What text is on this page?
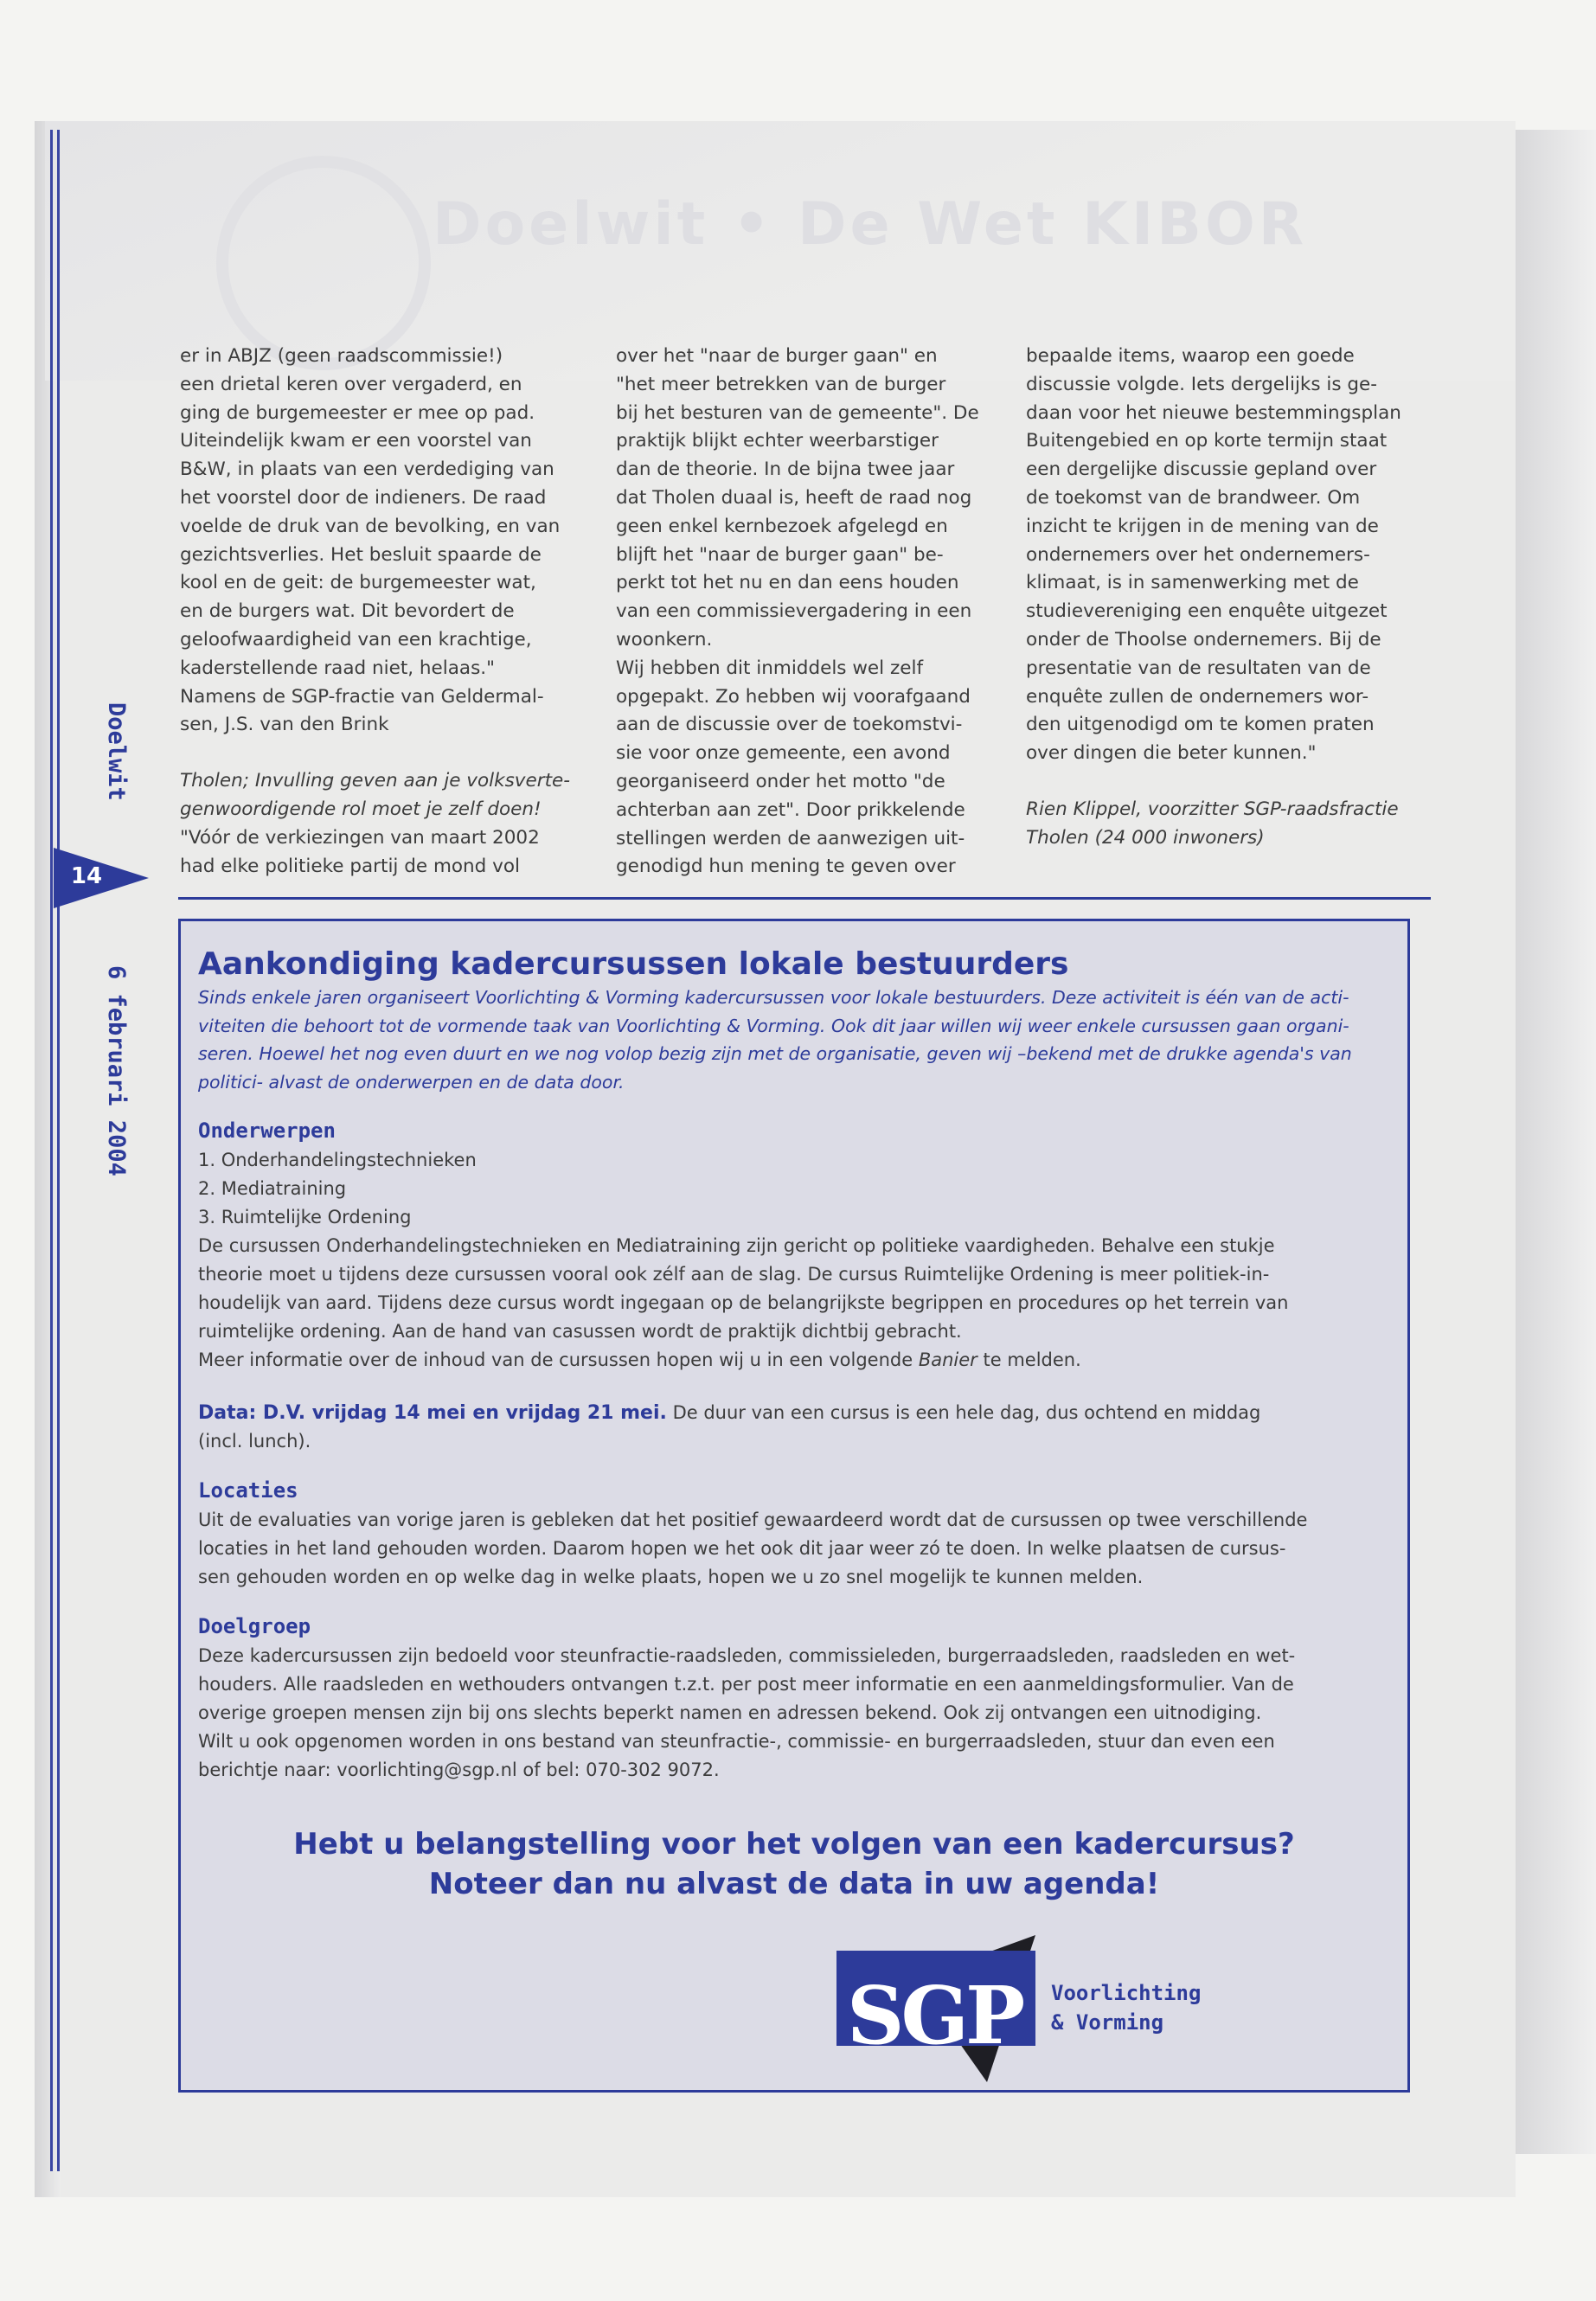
Doelwit • De Wet KIBOR
Doelwit
14
6 februari 2004

er in ABJZ (geen raadscommissie!)

een drietal keren over vergaderd, en

ging de burgemeester er mee op pad.

Uiteindelijk kwam er een voorstel van

B&W, in plaats van een verdediging van

het voorstel door de indieners. De raad

voelde de druk van de bevolking, en van

gezichtsverlies. Het besluit spaarde de

kool en de geit: de burgemeester wat,

en de burgers wat. Dit bevordert de

geloofwaardigheid van een krachtige,

kaderstellende raad niet, helaas."

Namens de SGP-fractie van Geldermal-

sen, J.S. van den Brink

Tholen; Invulling geven aan je volksverte-

genwoordigende rol moet je zelf doen!

"Vóór de verkiezingen van maart 2002

had elke politieke partij de mond vol

over het "naar de burger gaan" en

"het meer betrekken van de burger

bij het besturen van de gemeente". De

praktijk blijkt echter weerbarstiger

dan de theorie. In de bijna twee jaar

dat Tholen duaal is, heeft de raad nog

geen enkel kernbezoek afgelegd en

blijft het "naar de burger gaan" be-

perkt tot het nu en dan eens houden

van een commissievergadering in een

woonkern.

Wij hebben dit inmiddels wel zelf

opgepakt. Zo hebben wij voorafgaand

aan de discussie over de toekomstvi-

sie voor onze gemeente, een avond

georganiseerd onder het motto "de

achterban aan zet". Door prikkelende

stellingen werden de aanwezigen uit-

genodigd hun mening te geven over

bepaalde items, waarop een goede

discussie volgde. Iets dergelijks is ge-

daan voor het nieuwe bestemmingsplan

Buitengebied en op korte termijn staat

een dergelijke discussie gepland over

de toekomst van de brandweer. Om

inzicht te krijgen in de mening van de

ondernemers over het ondernemers-

klimaat, is in samenwerking met de

studievereniging een enquête uitgezet

onder de Thoolse ondernemers. Bij de

presentatie van de resultaten van de

enquête zullen de ondernemers wor-

den uitgenodigd om te komen praten

over dingen die beter kunnen."

Rien Klippel, voorzitter SGP-raadsfractie

Tholen (24 000 inwoners)

Aankondiging kadercursussen lokale bestuurders
Sinds enkele jaren organiseert Voorlichting & Vorming kadercursussen voor lokale bestuurders. Deze activiteit is één van de acti-
viteiten die behoort tot de vormende taak van Voorlichting & Vorming. Ook dit jaar willen wij weer enkele cursussen gaan organi-
seren. Hoewel het nog even duurt en we nog volop bezig zijn met de organisatie, geven wij –bekend met de drukke agenda's van
politici- alvast de onderwerpen en de data door.
Onderwerpen

1. Onderhandelingstechnieken

2. Mediatraining

3. Ruimtelijke Ordening

De cursussen Onderhandelingstechnieken en Mediatraining zijn gericht op politieke vaardigheden. Behalve een stukje

theorie moet u tijdens deze cursussen vooral ook zélf aan de slag. De cursus Ruimtelijke Ordening is meer politiek-in-

houdelijk van aard. Tijdens deze cursus wordt ingegaan op de belangrijkste begrippen en procedures op het terrein van

ruimtelijke ordening. Aan de hand van casussen wordt de praktijk dichtbij gebracht.

Meer informatie over de inhoud van de cursussen hopen wij u in een volgende Banier te melden.

Data: D.V. vrijdag 14 mei en vrijdag 21 mei. De duur van een cursus is een hele dag, dus ochtend en middag

(incl. lunch).

Locaties

Uit de evaluaties van vorige jaren is gebleken dat het positief gewaardeerd wordt dat de cursussen op twee verschillende

locaties in het land gehouden worden. Daarom hopen we het ook dit jaar weer zó te doen. In welke plaatsen de cursus-

sen gehouden worden en op welke dag in welke plaats, hopen we u zo snel mogelijk te kunnen melden.

Doelgroep

Deze kadercursussen zijn bedoeld voor steunfractie-raadsleden, commissieleden, burgerraadsleden, raadsleden en wet-

houders. Alle raadsleden en wethouders ontvangen t.z.t. per post meer informatie en een aanmeldingsformulier. Van de

overige groepen mensen zijn bij ons slechts beperkt namen en adressen bekend. Ook zij ontvangen een uitnodiging.

Wilt u ook opgenomen worden in ons bestand van steunfractie-, commissie- en burgerraadsleden, stuur dan even een

berichtje naar: voorlichting@sgp.nl of bel: 070-302 9072.

Hebt u belangstelling voor het volgen van een kadercursus?
Noteer dan nu alvast de data in uw agenda!
SGP Voorlichting
& Vorming
